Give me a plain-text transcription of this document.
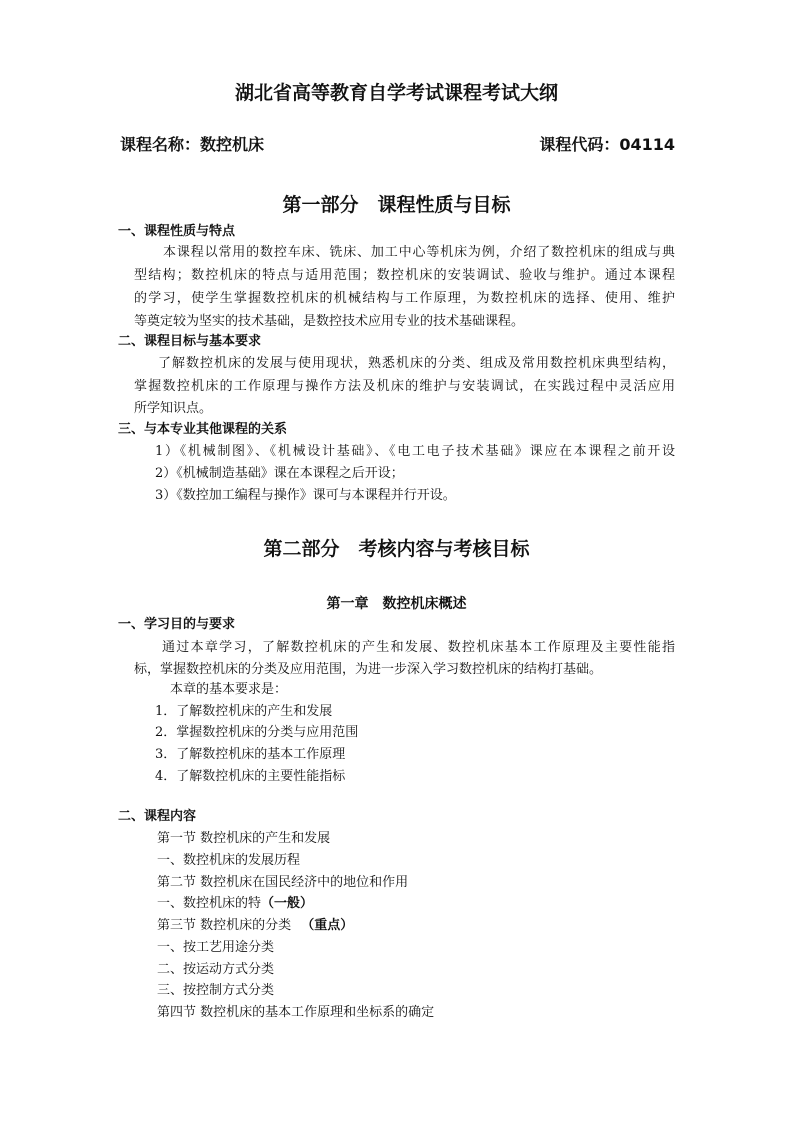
湖北省高等教育自学考试课程考试大纲
课程名称：数控机床	课程代码：04114
第一部分　课程性质与目标
一、课程性质与特点
本课程以常用的数控车床、铣床、加工中心等机床为例，介绍了数控机床的组成与典
型结构；数控机床的特点与适用范围；数控机床的安装调试、验收与维护。通过本课程
的学习，使学生掌握数控机床的机械结构与工作原理，为数控机床的选择、使用、维护
等奠定较为坚实的技术基础，是数控技术应用专业的技术基础课程。
二、课程目标与基本要求
了解数控机床的发展与使用现状，熟悉机床的分类、组成及常用数控机床典型结构，
掌握数控机床的工作原理与操作方法及机床的维护与安装调试，在实践过程中灵活应用
所学知识点。
三、与本专业其他课程的关系
1）《机械制图》、《机械设计基础》、《电工电子技术基础》课应在本课程之前开设
2）《机械制造基础》课在本课程之后开设；
3）《数控加工编程与操作》课可与本课程并行开设。
第二部分　考核内容与考核目标
第一章　数控机床概述
一、学习目的与要求
通过本章学习，了解数控机床的产生和发展、数控机床基本工作原理及主要性能指
标，掌握数控机床的分类及应用范围，为进一步深入学习数控机床的结构打基础。
本章的基本要求是：
1．了解数控机床的产生和发展
2．掌握数控机床的分类与应用范围
3．了解数控机床的基本工作原理
4．了解数控机床的主要性能指标
二、课程内容
第一节 数控机床的产生和发展
一、数控机床的发展历程
第二节 数控机床在国民经济中的地位和作用
一、数控机床的特（一般）
第三节 数控机床的分类 （重点）
一、按工艺用途分类
二、按运动方式分类
三、按控制方式分类
第四节 数控机床的基本工作原理和坐标系的确定
